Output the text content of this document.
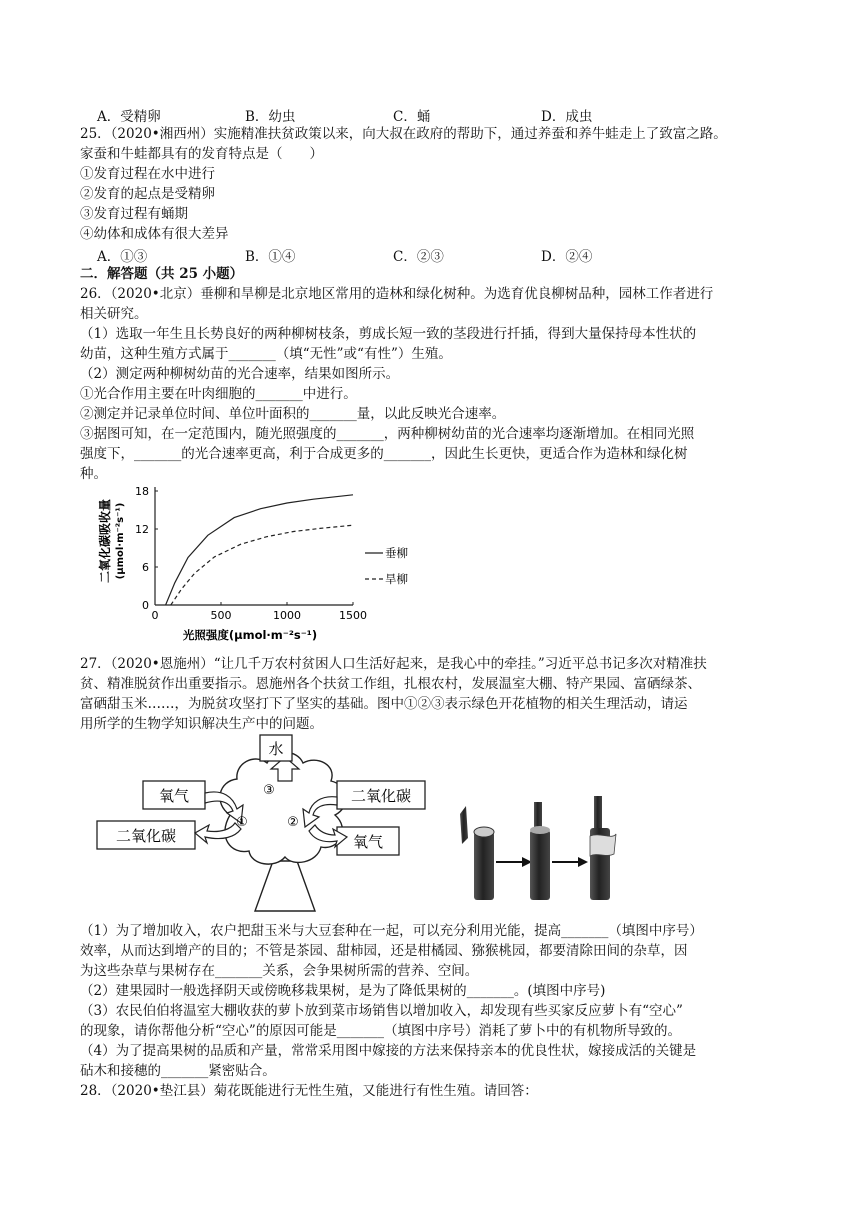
A．受精卵	B．幼虫	C．蛹	D．成虫
25．（2020•湘西州）实施精准扶贫政策以来，向大叔在政府的帮助下，通过养蚕和养牛蛙走上了致富之路。
家蚕和牛蛙都具有的发育特点是（　　）
①发育过程在水中进行
②发育的起点是受精卵
③发育过程有蛹期
④幼体和成体有很大差异
A．①③	B．①④	C．②③	D．②④
二．解答题（共 25 小题）
26．（2020•北京）垂柳和旱柳是北京地区常用的造林和绿化树种。为选育优良柳树品种，园林工作者进行
相关研究。
（1）选取一年生且长势良好的两种柳树枝条，剪成长短一致的茎段进行扦插，得到大量保持母本性状的
幼苗，这种生殖方式属于_______（填“无性”或“有性”）生殖。
（2）测定两种柳树幼苗的光合速率，结果如图所示。
①光合作用主要在叶肉细胞的_______中进行。
②测定并记录单位时间、单位叶面积的_______量，以此反映光合速率。
③据图可知，在一定范围内，随光照强度的_______，两种柳树幼苗的光合速率均逐渐增加。在相同光照
强度下，_______的光合速率更高，利于合成更多的_______，因此生长更快，更适合作为造林和绿化树
种。
0	500	1000	1500
0
6
12
18
垂柳
旱柳
二氧化碳吸收量 (μmol·m⁻²s⁻¹)
光照强度(μmol·m⁻²s⁻¹)
27．（2020•恩施州）“让几千万农村贫困人口生活好起来，是我心中的牵挂。”习近平总书记多次对精准扶
贫、精准脱贫作出重要指示。恩施州各个扶贫工作组，扎根农村，发展温室大棚、特产果园、富硒绿茶、
富硒甜玉米……，为脱贫攻坚打下了坚实的基础。图中①②③表示绿色开花植物的相关生理活动，请运
用所学的生物学知识解决生产中的问题。
水
③
氧气
二氧化碳
①
二氧化碳
氧气
②
（1）为了增加收入，农户把甜玉米与大豆套种在一起，可以充分利用光能，提高_______（填图中序号）
效率，从而达到增产的目的；不管是茶园、甜柿园，还是柑橘园、猕猴桃园，都要清除田间的杂草，因
为这些杂草与果树存在_______关系，会争果树所需的营养、空间。
（2）建果园时一般选择阴天或傍晚移栽果树，是为了降低果树的_______。(填图中序号)
（3）农民伯伯将温室大棚收获的萝卜放到菜市场销售以增加收入，却发现有些买家反应萝卜有“空心”
的现象，请你帮他分析“空心”的原因可能是_______（填图中序号）消耗了萝卜中的有机物所导致的。
（4）为了提高果树的品质和产量，常常采用图中嫁接的方法来保持亲本的优良性状，嫁接成活的关键是
砧木和接穗的_______紧密贴合。
28．（2020•垫江县）菊花既能进行无性生殖，又能进行有性生殖。请回答：
